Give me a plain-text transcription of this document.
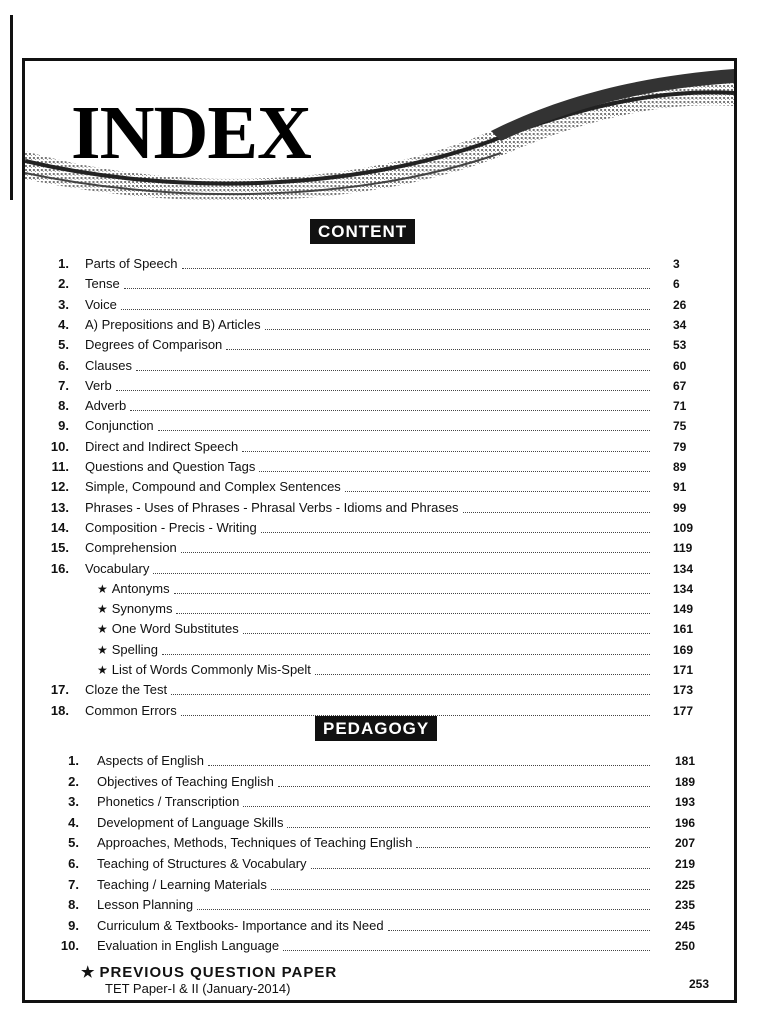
INDEX
CONTENT
1. Parts of Speech	3
2. Tense	6
3. Voice	26
4. A) Prepositions and B) Articles	34
5. Degrees of Comparison	53
6. Clauses	60
7. Verb	67
8. Adverb	71
9. Conjunction	75
10. Direct and Indirect Speech	79
11. Questions and Question Tags	89
12. Simple, Compound and Complex Sentences	91
13. Phrases - Uses of Phrases - Phrasal Verbs - Idioms and Phrases	99
14. Composition - Precis - Writing	109
15. Comprehension	119
16. Vocabulary	134
★ Antonyms	134
★ Synonyms	149
★ One Word Substitutes	161
★ Spelling	169
★ List of Words Commonly Mis-Spelt	171
17. Cloze the Test	173
18. Common Errors	177
PEDAGOGY
1. Aspects of English	181
2. Objectives of Teaching English	189
3. Phonetics / Transcription	193
4. Development of Language Skills	196
5. Approaches, Methods, Techniques of Teaching English	207
6. Teaching of Structures & Vocabulary	219
7. Teaching / Learning Materials	225
8. Lesson Planning	235
9. Curriculum & Textbooks- Importance and its Need	245
10. Evaluation in English Language	250
★ PREVIOUS QUESTION PAPER
TET Paper-I & II (January-2014)	253
